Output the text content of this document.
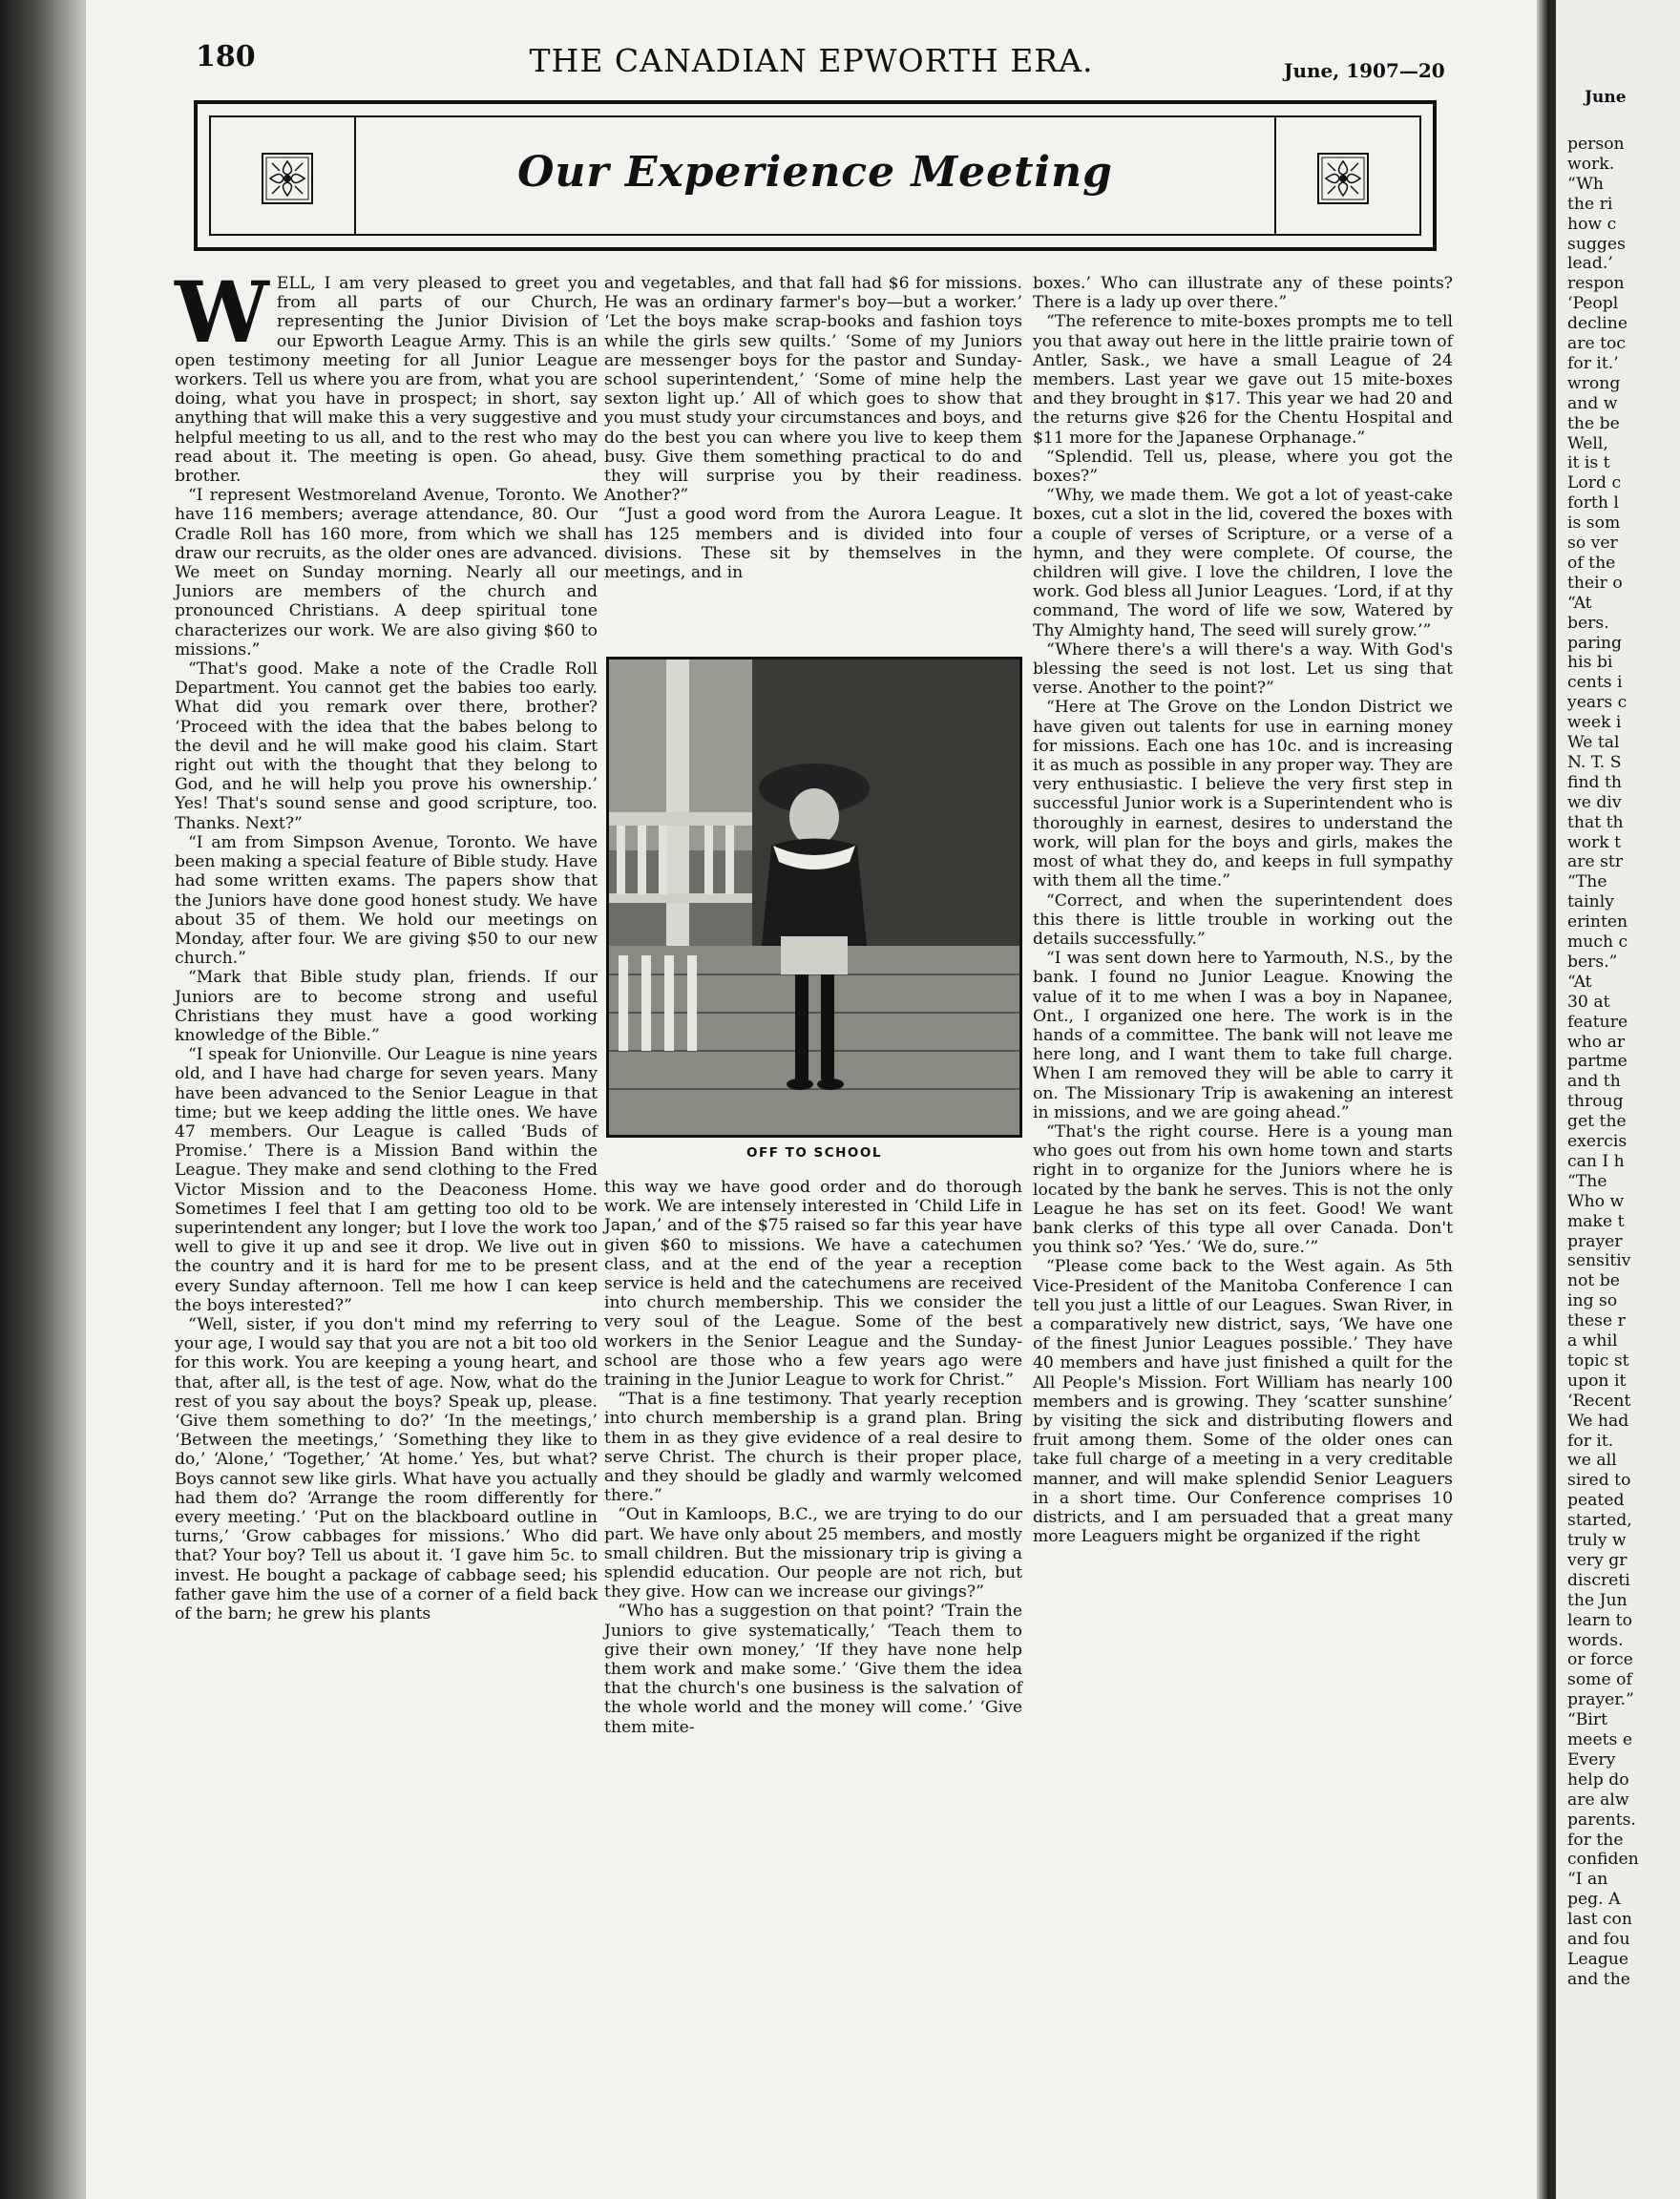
180	THE CANADIAN EPWORTH ERA.	June, 1907—20
Our Experience Meeting

WELL, I am very pleased to greet you from all parts of our Church, representing the Junior Division of our Epworth League Army. This is an open testimony meeting for all Junior League workers. Tell us where you are from, what you are doing, what you have in prospect; in short, say anything that will make this a very suggestive and helpful meeting to us all, and to the rest who may read about it. The meeting is open. Go ahead, brother.

“I represent Westmoreland Avenue, Toronto. We have 116 members; average attendance, 80. Our Cradle Roll has 160 more, from which we shall draw our recruits, as the older ones are advanced. We meet on Sunday morning. Nearly all our Juniors are members of the church and pronounced Christians. A deep spiritual tone characterizes our work. We are also giving $60 to missions.”

“That's good. Make a note of the Cradle Roll Department. You cannot get the babies too early. What did you remark over there, brother? ‘Proceed with the idea that the babes belong to the devil and he will make good his claim. Start right out with the thought that they belong to God, and he will help you prove his ownership.’ Yes! That's sound sense and good scripture, too. Thanks. Next?”

“I am from Simpson Avenue, Toronto. We have been making a special feature of Bible study. Have had some written exams. The papers show that the Juniors have done good honest study. We have about 35 of them. We hold our meetings on Monday, after four. We are giving $50 to our new church.”

“Mark that Bible study plan, friends. If our Juniors are to become strong and useful Christians they must have a good working knowledge of the Bible.”

“I speak for Unionville. Our League is nine years old, and I have had charge for seven years. Many have been advanced to the Senior League in that time; but we keep adding the little ones. We have 47 members. Our League is called ‘Buds of Promise.’ There is a Mission Band within the League. They make and send clothing to the Fred Victor Mission and to the Deaconess Home. Sometimes I feel that I am getting too old to be superintendent any longer; but I love the work too well to give it up and see it drop. We live out in the country and it is hard for me to be present every Sunday afternoon. Tell me how I can keep the boys interested?”

“Well, sister, if you don't mind my referring to your age, I would say that you are not a bit too old for this work. You are keeping a young heart, and that, after all, is the test of age. Now, what do the rest of you say about the boys? Speak up, please. ‘Give them something to do?’ ‘In the meetings,’ ‘Between the meetings,’ ‘Something they like to do,’ ‘Alone,’ ‘Together,’ ‘At home.’ Yes, but what? Boys cannot sew like girls. What have you actually had them do? ‘Arrange the room differently for every meeting.’ ‘Put on the blackboard outline in turns,’ ‘Grow cabbages for missions.’ Who did that? Your boy? Tell us about it. ‘I gave him 5c. to invest. He bought a package of cabbage seed; his father gave him the use of a corner of a field back of the barn; he grew his plants

and vegetables, and that fall had $6 for missions. He was an ordinary farmer's boy—but a worker.’ ‘Let the boys make scrap-books and fashion toys while the girls sew quilts.’ ‘Some of my Juniors are messenger boys for the pastor and Sunday-school superintendent,’ ‘Some of mine help the sexton light up.’ All of which goes to show that you must study your circumstances and boys, and do the best you can where you live to keep them busy. Give them something practical to do and they will surprise you by their readiness. Another?”

“Just a good word from the Aurora League. It has 125 members and is divided into four divisions. These sit by themselves in the meetings, and in

OFF TO SCHOOL

this way we have good order and do thorough work. We are intensely interested in ‘Child Life in Japan,’ and of the $75 raised so far this year have given $60 to missions. We have a catechumen class, and at the end of the year a reception service is held and the catechumens are received into church membership. This we consider the very soul of the League. Some of the best workers in the Senior League and the Sunday-school are those who a few years ago were training in the Junior League to work for Christ.”

“That is a fine testimony. That yearly reception into church membership is a grand plan. Bring them in as they give evidence of a real desire to serve Christ. The church is their proper place, and they should be gladly and warmly welcomed there.”

“Out in Kamloops, B.C., we are trying to do our part. We have only about 25 members, and mostly small children. But the missionary trip is giving a splendid education. Our people are not rich, but they give. How can we increase our givings?”

“Who has a suggestion on that point? ‘Train the Juniors to give systematically,’ ‘Teach them to give their own money,’ ‘If they have none help them work and make some.’ ‘Give them the idea that the church's one business is the salvation of the whole world and the money will come.’ ‘Give them mite-

boxes.’ Who can illustrate any of these points? There is a lady up over there.”

“The reference to mite-boxes prompts me to tell you that away out here in the little prairie town of Antler, Sask., we have a small League of 24 members. Last year we gave out 15 mite-boxes and they brought in $17. This year we had 20 and the returns give $26 for the Chentu Hospital and $11 more for the Japanese Orphanage.”

“Splendid. Tell us, please, where you got the boxes?”

“Why, we made them. We got a lot of yeast-cake boxes, cut a slot in the lid, covered the boxes with a couple of verses of Scripture, or a verse of a hymn, and they were complete. Of course, the children will give. I love the children, I love the work. God bless all Junior Leagues. ‘Lord, if at thy command, The word of life we sow, Watered by Thy Almighty hand, The seed will surely grow.’”

“Where there's a will there's a way. With God's blessing the seed is not lost. Let us sing that verse. Another to the point?”

“Here at The Grove on the London District we have given out talents for use in earning money for missions. Each one has 10c. and is increasing it as much as possible in any proper way. They are very enthusiastic. I believe the very first step in successful Junior work is a Superintendent who is thoroughly in earnest, desires to understand the work, will plan for the boys and girls, makes the most of what they do, and keeps in full sympathy with them all the time.”

“Correct, and when the superintendent does this there is little trouble in working out the details successfully.”

“I was sent down here to Yarmouth, N.S., by the bank. I found no Junior League. Knowing the value of it to me when I was a boy in Napanee, Ont., I organized one here. The work is in the hands of a committee. The bank will not leave me here long, and I want them to take full charge. When I am removed they will be able to carry it on. The Missionary Trip is awakening an interest in missions, and we are going ahead.”

“That's the right course. Here is a young man who goes out from his own home town and starts right in to organize for the Juniors where he is located by the bank he serves. This is not the only League he has set on its feet. Good! We want bank clerks of this type all over Canada. Don't you think so? ‘Yes.’ ‘We do, sure.’”

“Please come back to the West again. As 5th Vice-President of the Manitoba Conference I can tell you just a little of our Leagues. Swan River, in a comparatively new district, says, ‘We have one of the finest Junior Leagues possible.’ They have 40 members and have just finished a quilt for the All People's Mission. Fort William has nearly 100 members and is growing. They ‘scatter sunshine’ by visiting the sick and distributing flowers and fruit among them. Some of the older ones can take full charge of a meeting in a very creditable manner, and will make splendid Senior Leaguers in a short time. Our Conference comprises 10 districts, and I am persuaded that a great many more Leaguers might be organized if the right

June
person
work.
“Wh
the ri
how c
sugges
lead.’
respon
‘Peopl
decline
are toc
for it.’
wrong
and w
the be
Well,
it is t
Lord c
forth l
is som
so ver
of the
their o
“At
bers.
paring
his bi
cents i
years c
week i
We tal
N. T. S
find th
we div
that th
work t
are str
“The
tainly
erinten
much c
bers.”
“At
30 at
feature
who ar
partme
and th
throug
get the
exercis
can I h
“The
Who w
make t
prayer
sensitiv
not be
ing so
these r
a whil
topic st
upon it
‘Recent
We had
for it.
we all
sired to
peated
started,
truly w
very gr
discreti
the Jun
learn to
words.
or force
some of
prayer.”
“Birt
meets e
Every
help do
are alw
parents.
for the
confiden
“I an
peg. A
last con
and fou
League
and the
